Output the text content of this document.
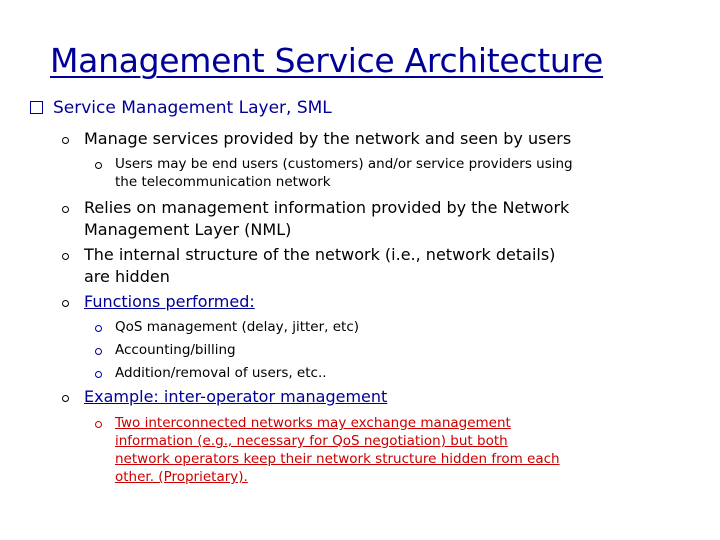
Management Service Architecture
Service Management Layer, SML
Manage services provided by the network and seen by users
Users may be end users (customers) and/or service providers using
the telecommunication network
Relies on management information provided by the Network
Management Layer (NML)
The internal structure of the network (i.e., network details)
are hidden
Functions performed:
QoS management (delay, jitter, etc)
Accounting/billing
Addition/removal of users, etc..
Example: inter-operator management
Two interconnected networks may exchange management
information (e.g., necessary for QoS negotiation) but both
network operators keep their network structure hidden from each
other. (Proprietary).
